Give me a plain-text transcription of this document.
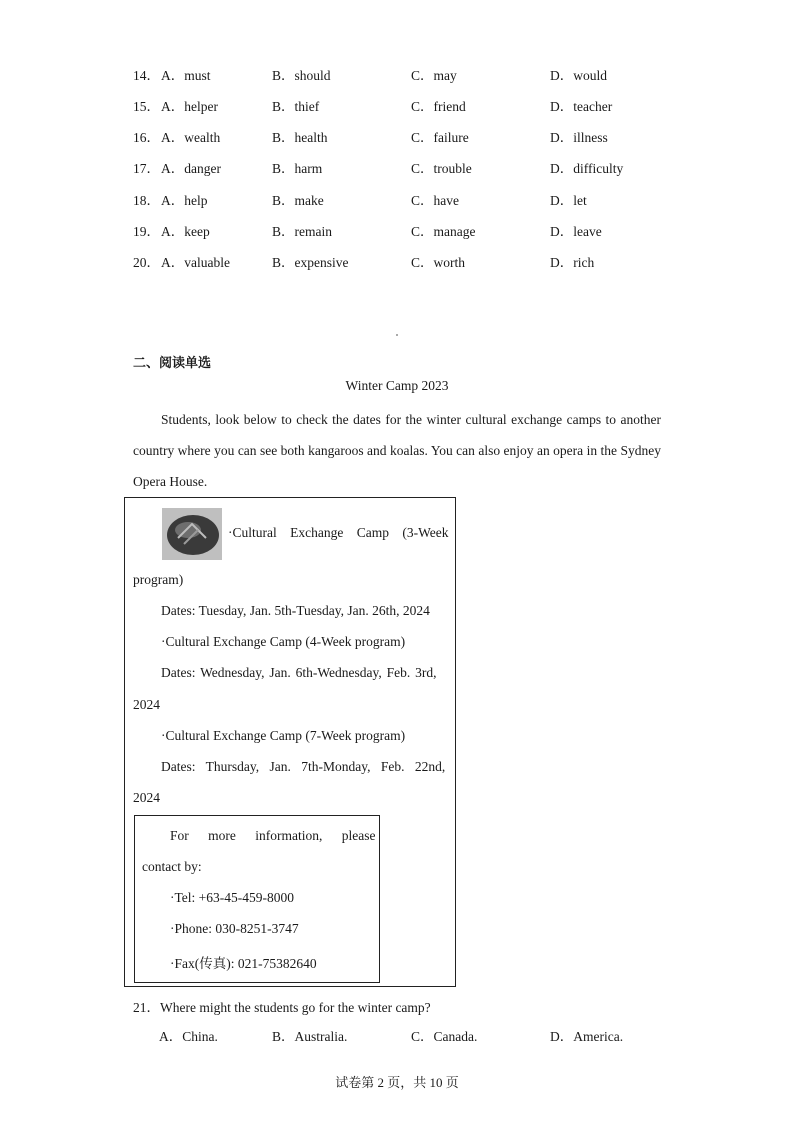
14． A．must	B．should	C．may	D．would
15． A．helper	B．thief	C．friend	D．teacher
16． A．wealth	B．health	C．failure	D．illness
17． A．danger	B．harm	C．trouble	D．difficulty
18． A．help	B．make	C．have	D．let
19． A．keep	B．remain	C．manage	D．leave
20． A．valuable	B．expensive	C．worth	D．rich
二、阅读单选
Winter Camp 2023
Students, look below to check the dates for the winter cultural exchange camps to another country where you can see both kangaroos and koalas. You can also enjoy an opera in the Sydney Opera House.
·Cultural Exchange Camp (3-Week
program)
Dates: Tuesday, Jan. 5th-Tuesday, Jan. 26th, 2024
·Cultural Exchange Camp (4-Week program)
Dates: Wednesday, Jan. 6th-Wednesday, Feb. 3rd,
2024
·Cultural Exchange Camp (7-Week program)
Dates: Thursday, Jan. 7th-Monday, Feb. 22nd,
2024
For more information, please
contact by:
·Tel: +63-45-459-8000
·Phone: 030-8251-3747
·Fax(传真): 021-75382640
21．Where might the students go for the winter camp?
A．China.	B．Australia.	C．Canada.	D．America.
试卷第 2 页，共 10 页
